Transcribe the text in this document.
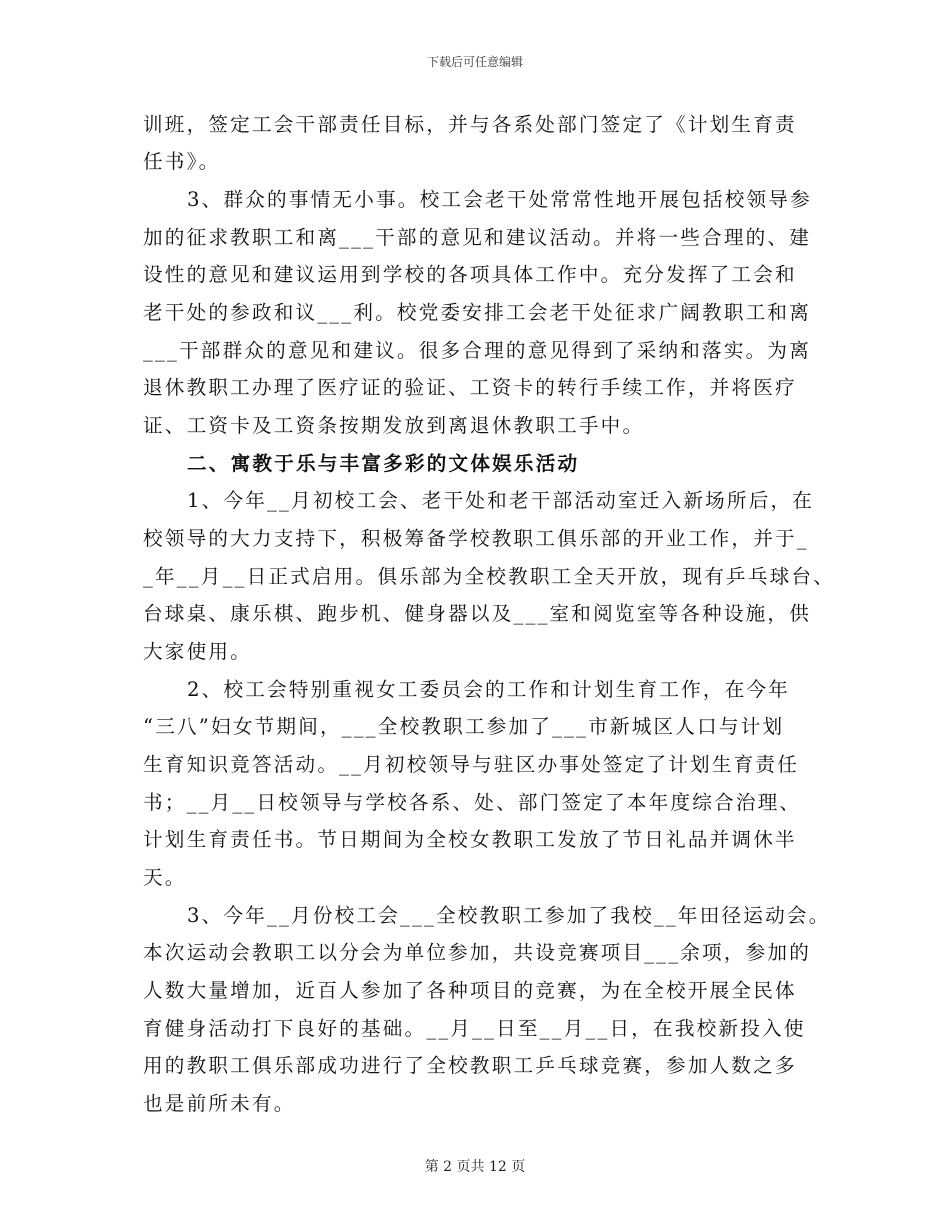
下载后可任意编辑
训班，签定工会干部责任目标，并与各系处部门签定了《计划生育责
任书》。
3、群众的事情无小事。校工会老干处常常性地开展包括校领导参
加的征求教职工和离___干部的意见和建议活动。并将一些合理的、建
设性的意见和建议运用到学校的各项具体工作中。充分发挥了工会和
老干处的参政和议___利。校党委安排工会老干处征求广阔教职工和离
___干部群众的意见和建议。很多合理的意见得到了采纳和落实。为离
退休教职工办理了医疗证的验证、工资卡的转行手续工作，并将医疗
证、工资卡及工资条按期发放到离退休教职工手中。
二、寓教于乐与丰富多彩的文体娱乐活动
1、今年__月初校工会、老干处和老干部活动室迁入新场所后，在
校领导的大力支持下，积极筹备学校教职工俱乐部的开业工作，并于_
_年__月__日正式启用。俱乐部为全校教职工全天开放，现有乒乓球台、
台球桌、康乐棋、跑步机、健身器以及___室和阅览室等各种设施，供
大家使用。
2、校工会特别重视女工委员会的工作和计划生育工作，在今年
“三八”妇女节期间，___全校教职工参加了___市新城区人口与计划
生育知识竟答活动。__月初校领导与驻区办事处签定了计划生育责任
书；__月__日校领导与学校各系、处、部门签定了本年度综合治理、
计划生育责任书。节日期间为全校女教职工发放了节日礼品并调休半
天。
3、今年__月份校工会___全校教职工参加了我校__年田径运动会。
本次运动会教职工以分会为单位参加，共设竞赛项目___余项，参加的
人数大量增加，近百人参加了各种项目的竞赛，为在全校开展全民体
育健身活动打下良好的基础。__月__日至__月__日，在我校新投入使
用的教职工俱乐部成功进行了全校教职工乒乓球竞赛，参加人数之多
也是前所未有。
第 2 页共 12 页
